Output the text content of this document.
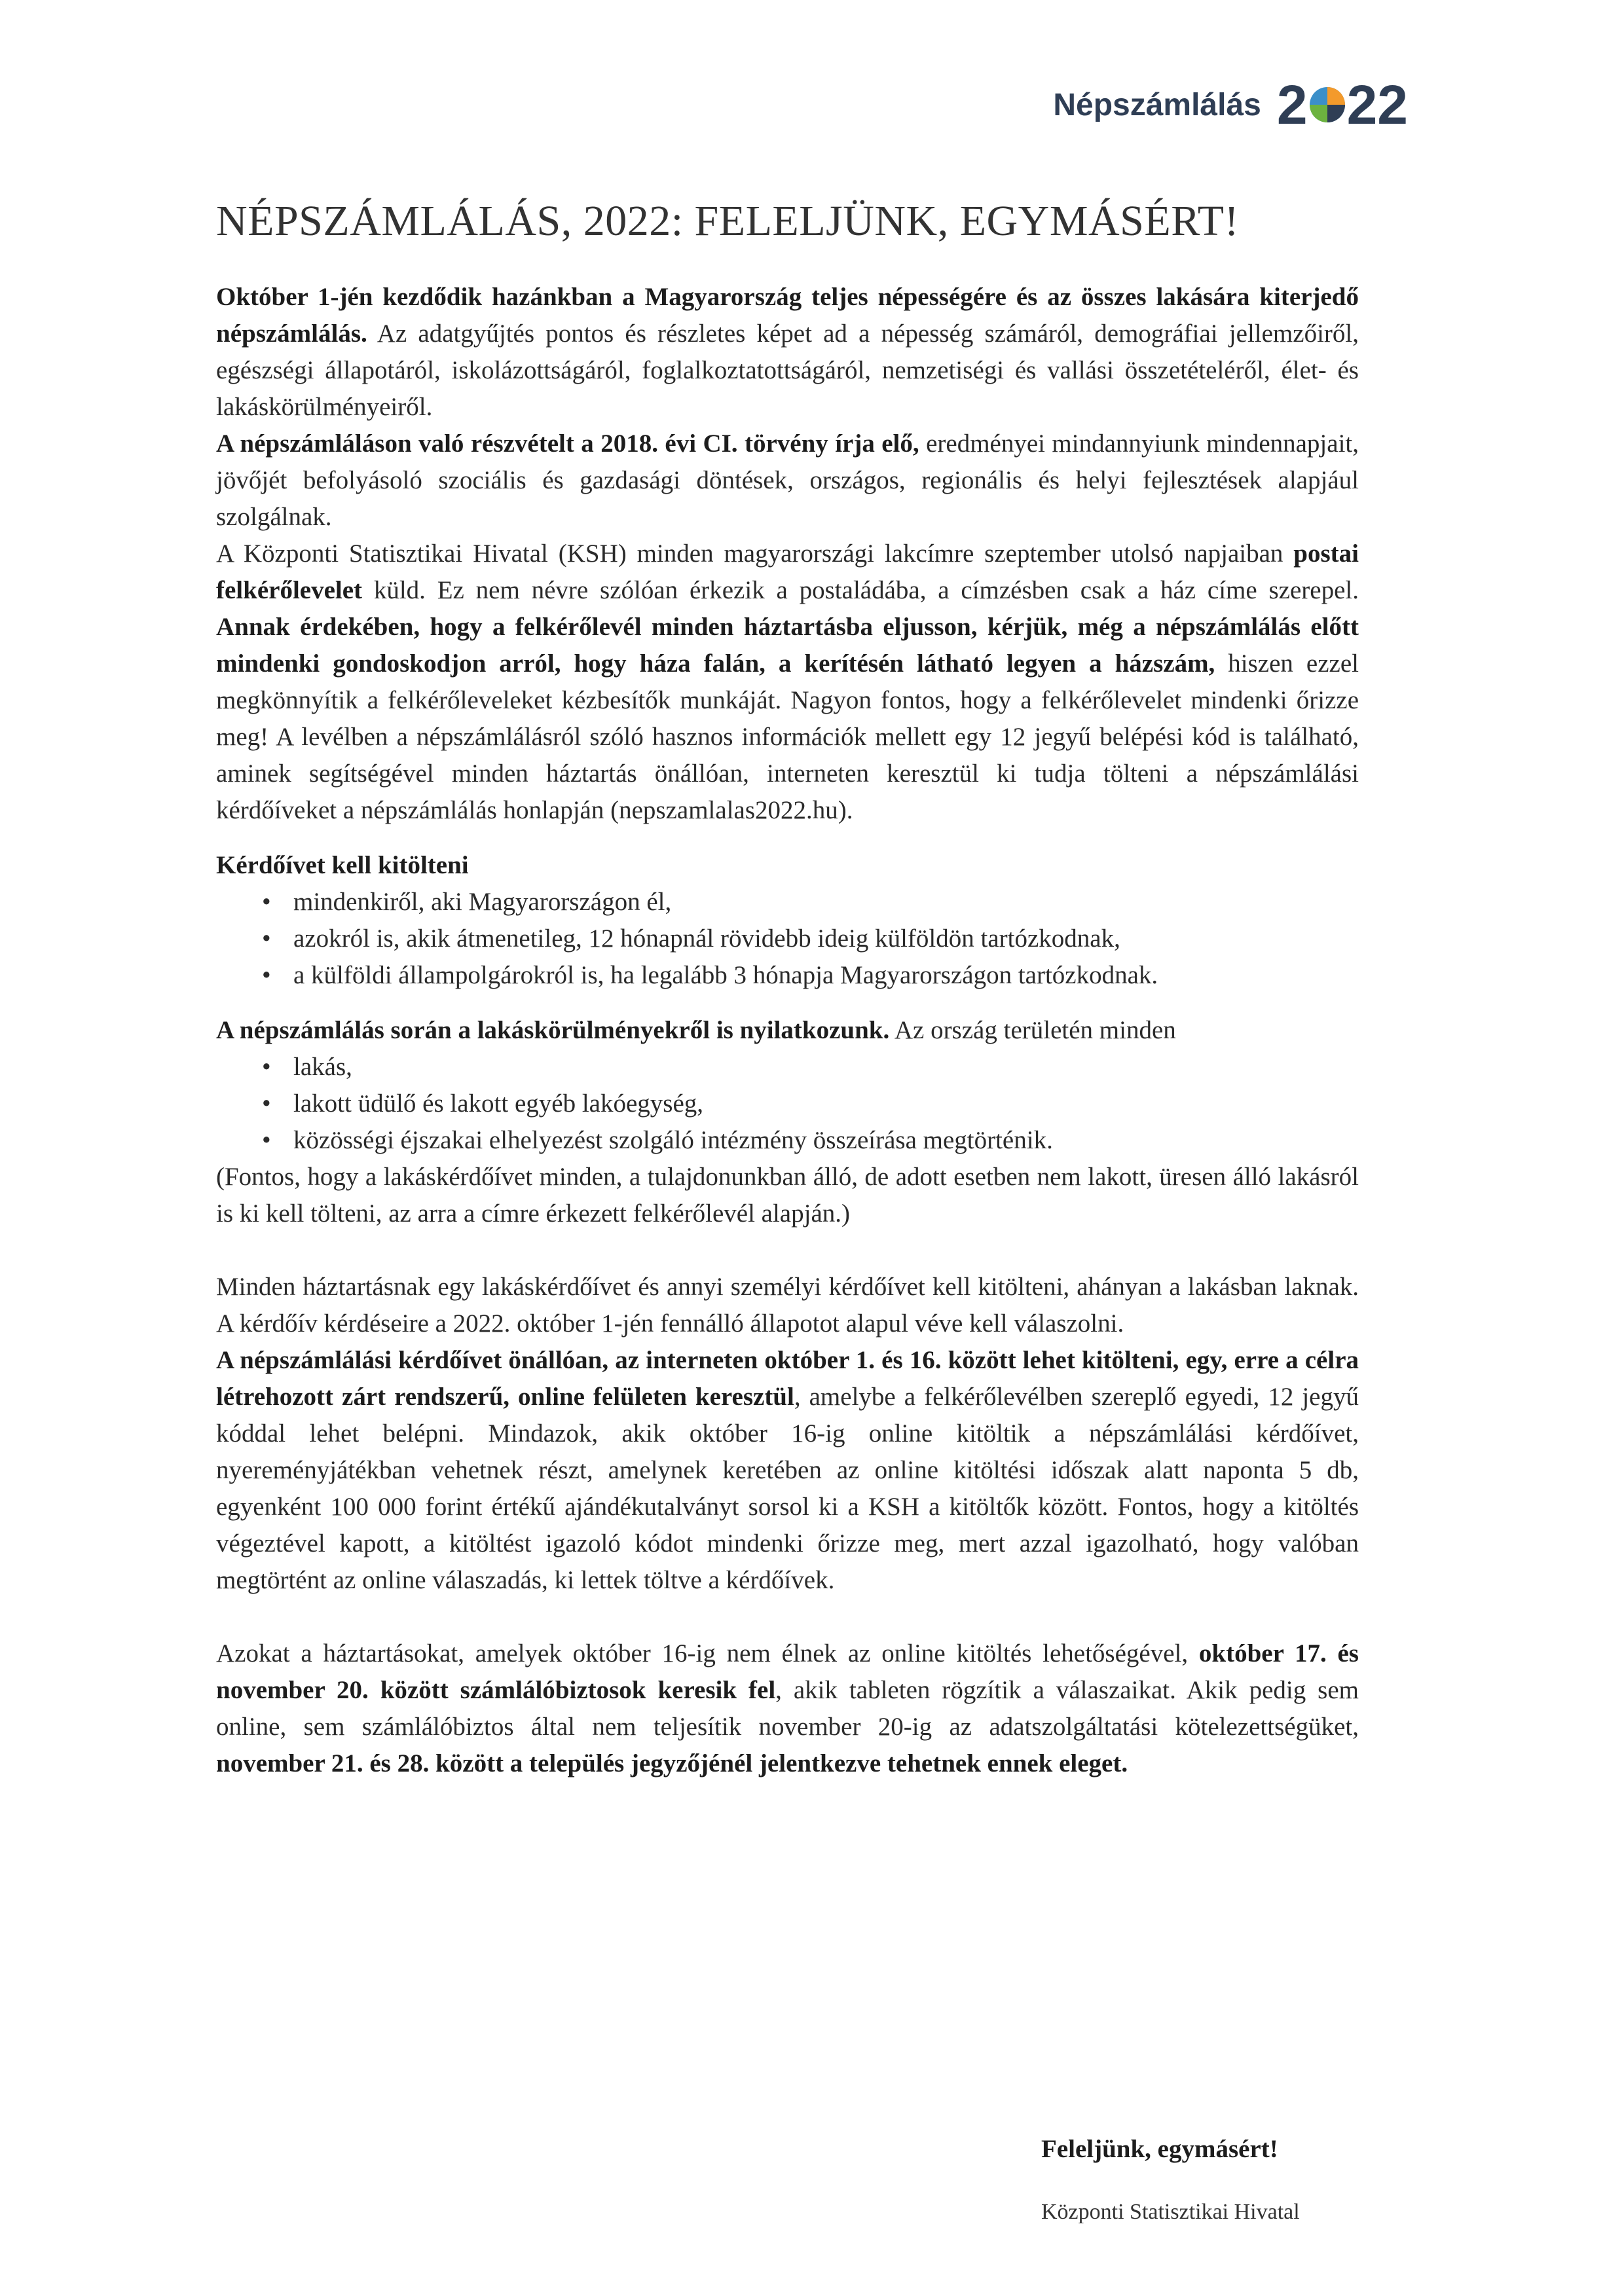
Népszámlálás 2 22
NÉPSZÁMLÁLÁS, 2022: FELELJÜNK, EGYMÁSÉRT!

Október 1-jén kezdődik hazánkban a Magyarország teljes népességére és az összes lakására kiterjedő népszámlálás. Az adatgyűjtés pontos és részletes képet ad a népesség számáról, demográfiai jellemzőiről, egészségi állapotáról, iskolázottságáról, foglalkoztatottságáról, nemzetiségi és vallási összetételéről, élet- és lakáskörülményeiről.

A népszámláláson való részvételt a 2018. évi CI. törvény írja elő, eredményei mindannyiunk mindennapjait, jövőjét befolyásoló szociális és gazdasági döntések, országos, regionális és helyi fejlesztések alapjául szolgálnak.

A Központi Statisztikai Hivatal (KSH) minden magyarországi lakcímre szeptember utolsó napjaiban postai felkérőlevelet küld. Ez nem névre szólóan érkezik a postaládába, a címzésben csak a ház címe szerepel. Annak érdekében, hogy a felkérőlevél minden háztartásba eljusson, kérjük, még a népszámlálás előtt mindenki gondoskodjon arról, hogy háza falán, a kerítésén látható legyen a házszám, hiszen ezzel megkönnyítik a felkérőleveleket kézbesítők munkáját. Nagyon fontos, hogy a felkérőlevelet mindenki őrizze meg! A levélben a népszámlálásról szóló hasznos információk mellett egy 12 jegyű belépési kód is található, aminek segítségével minden háztartás önállóan, interneten keresztül ki tudja tölteni a népszámlálási kérdőíveket a népszámlálás honlapján (nepszamlalas2022.hu).

Kérdőívet kell kitölteni

• mindenkiről, aki Magyarországon él,
• azokról is, akik átmenetileg, 12 hónapnál rövidebb ideig külföldön tartózkodnak,
• a külföldi állampolgárokról is, ha legalább 3 hónapja Magyarországon tartózkodnak.

A népszámlálás során a lakáskörülményekről is nyilatkozunk. Az ország területén minden

• lakás,
• lakott üdülő és lakott egyéb lakóegység,
• közösségi éjszakai elhelyezést szolgáló intézmény összeírása megtörténik.

(Fontos, hogy a lakáskérdőívet minden, a tulajdonunkban álló, de adott esetben nem lakott, üresen álló lakásról is ki kell tölteni, az arra a címre érkezett felkérőlevél alapján.)

Minden háztartásnak egy lakáskérdőívet és annyi személyi kérdőívet kell kitölteni, ahányan a lakásban laknak. A kérdőív kérdéseire a 2022. október 1-jén fennálló állapotot alapul véve kell válaszolni.

A népszámlálási kérdőívet önállóan, az interneten október 1. és 16. között lehet kitölteni, egy, erre a célra létrehozott zárt rendszerű, online felületen keresztül, amelybe a felkérőlevélben szereplő egyedi, 12 jegyű kóddal lehet belépni. Mindazok, akik október 16-ig online kitöltik a népszámlálási kérdőívet, nyereményjátékban vehetnek részt, amelynek keretében az online kitöltési időszak alatt naponta 5 db, egyenként 100 000 forint értékű ajándékutalványt sorsol ki a KSH a kitöltők között. Fontos, hogy a kitöltés végeztével kapott, a kitöltést igazoló kódot mindenki őrizze meg, mert azzal igazolható, hogy valóban megtörtént az online válaszadás, ki lettek töltve a kérdőívek.

Azokat a háztartásokat, amelyek október 16-ig nem élnek az online kitöltés lehetőségével, október 17. és november 20. között számlálóbiztosok keresik fel, akik tableten rögzítik a válaszaikat. Akik pedig sem online, sem számlálóbiztos által nem teljesítik november 20-ig az adatszolgáltatási kötelezettségüket, november 21. és 28. között a település jegyzőjénél jelentkezve tehetnek ennek eleget.

Feleljünk, egymásért!
Központi Statisztikai Hivatal
